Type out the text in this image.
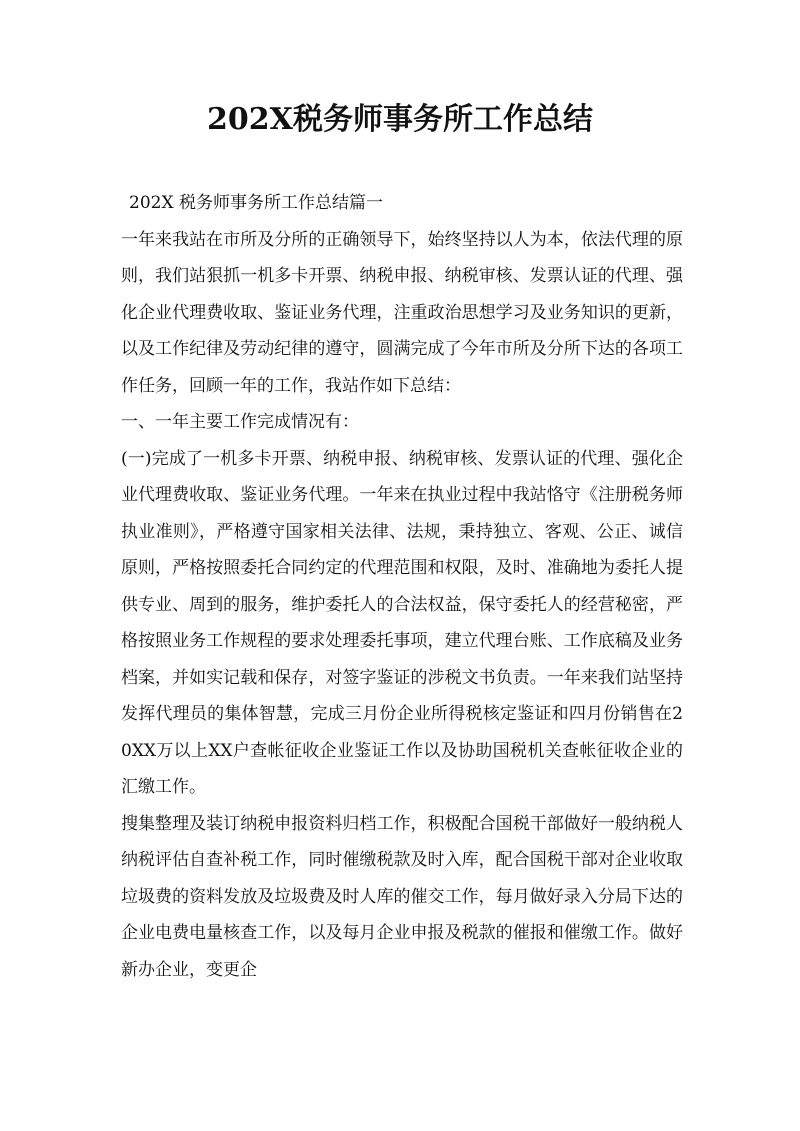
202X税务师事务所工作总结

202X 税务师事务所工作总结篇一

一年来我站在市所及分所的正确领导下，始终坚持以人为本，依法代理的原则，我们站狠抓一机多卡开票、纳税申报、纳税审核、发票认证的代理、强化企业代理费收取、鉴证业务代理，注重政治思想学习及业务知识的更新，以及工作纪律及劳动纪律的遵守，圆满完成了今年市所及分所下达的各项工作任务，回顾一年的工作，我站作如下总结：

一、一年主要工作完成情况有：

(一)完成了一机多卡开票、纳税申报、纳税审核、发票认证的代理、强化企业代理费收取、鉴证业务代理。一年来在执业过程中我站恪守《注册税务师执业准则》，严格遵守国家相关法律、法规，秉持独立、客观、公正、诚信原则，严格按照委托合同约定的代理范围和权限，及时、准确地为委托人提供专业、周到的服务，维护委托人的合法权益，保守委托人的经营秘密，严格按照业务工作规程的要求处理委托事项，建立代理台账、工作底稿及业务档案，并如实记载和保存，对签字鉴证的涉税文书负责。一年来我们站坚持发挥代理员的集体智慧，完成三月份企业所得税核定鉴证和四月份销售在20XX万以上XX户查帐征收企业鉴证工作以及协助国税机关查帐征收企业的汇缴工作。

搜集整理及装订纳税申报资料归档工作，积极配合国税干部做好一般纳税人纳税评估自查补税工作，同时催缴税款及时入库，配合国税干部对企业收取垃圾费的资料发放及垃圾费及时人库的催交工作，每月做好录入分局下达的企业电费电量核查工作，以及每月企业申报及税款的催报和催缴工作。做好新办企业，变更企
